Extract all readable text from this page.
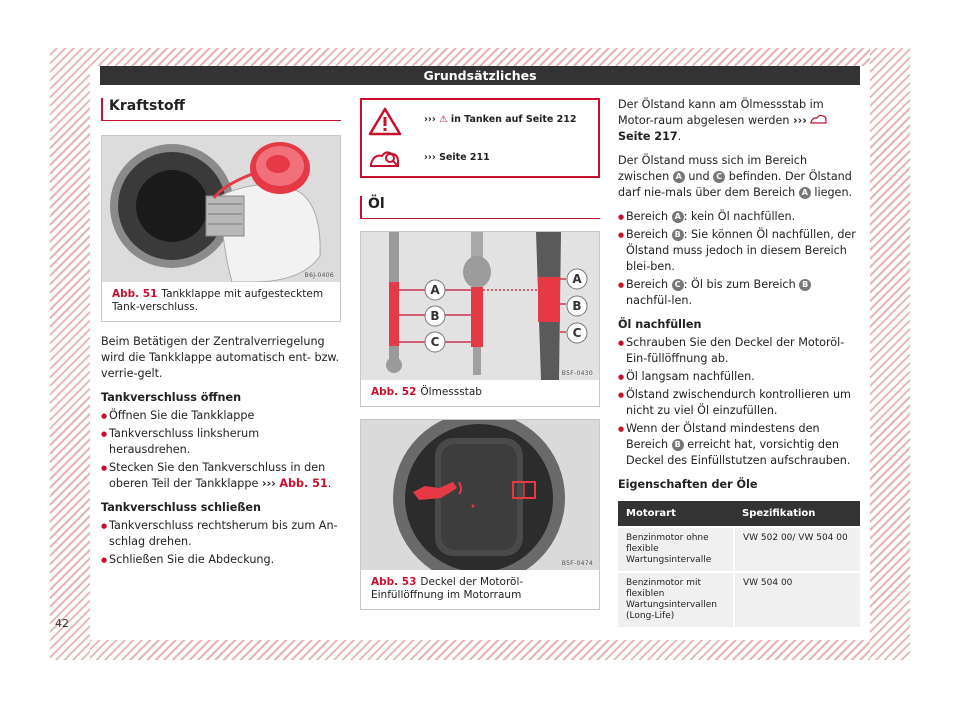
Grundsätzliches
42
Kraftstoff
B6J-0406
Abb. 51 Tankklappe mit aufgestecktem Tank-verschluss.

Beim Betätigen der Zentralverriegelung wird die Tankklappe automatisch ent- bzw. verrie-gelt.

Tankverschluss öffnen

● Öffnen Sie die Tankklappe
● Tankverschluss linksherum herausdrehen.
● Stecken Sie den Tankverschluss in den oberen Teil der Tankklappe ››› Abb. 51.

Tankverschluss schließen

● Tankverschluss rechtsherum bis zum An-schlag drehen.
● Schließen Sie die Abdeckung.
››› ⚠ in Tanken auf Seite 212
››› Seite 211
Öl
A
B
C
A
B
C
B5F-0430
Abb. 52 Ölmessstab
B5F-0474
Abb. 53 Deckel der Motoröl-Einfüllöffnung im Motorraum

Der Ölstand kann am Ölmessstab im Motor-raum abgelesen werden ›››  Seite 217.

Der Ölstand muss sich im Bereich zwischen A und C befinden. Der Ölstand darf nie-mals über dem Bereich A liegen.

● Bereich A : kein Öl nachfüllen.
● Bereich B : Sie können Öl nachfüllen, der Ölstand muss jedoch in diesem Bereich blei-ben.
● Bereich C : Öl bis zum Bereich B nachfül-len.

Öl nachfüllen

● Schrauben Sie den Deckel der Motoröl-Ein-füllöffnung ab.
● Öl langsam nachfüllen.
● Ölstand zwischendurch kontrollieren um nicht zu viel Öl einzufüllen.
● Wenn der Ölstand mindestens den Bereich B erreicht hat, vorsichtig den Deckel des Einfüllstutzen aufschrauben.

Eigenschaften der Öle

Motorart	Spezifikation
Benzinmotor ohne flexible Wartungsintervalle	VW 502 00/ VW 504 00
Benzinmotor mit flexiblen Wartungsintervallen (Long-Life)	VW 504 00
